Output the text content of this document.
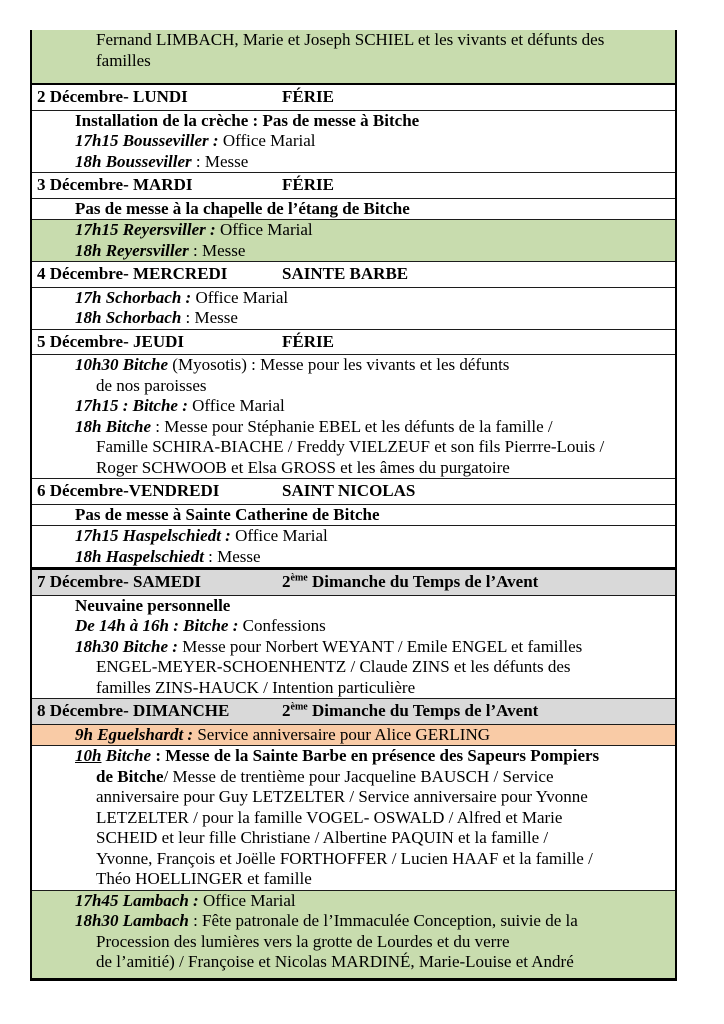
Fernand LIMBACH, Marie et Joseph SCHIEL et les vivants et défunts des
familles
2 Décembre- LUNDI	FÉRIE
Installation de la crèche : Pas de messe à Bitche
17h15 Bousseviller : Office Marial
18h Bousseviller : Messe
3 Décembre- MARDI	FÉRIE
Pas de messe à la chapelle de l’étang de Bitche
17h15 Reyersviller : Office Marial
18h Reyersviller : Messe
4 Décembre- MERCREDI	SAINTE BARBE
17h Schorbach : Office Marial
18h Schorbach : Messe
5 Décembre- JEUDI	FÉRIE
10h30 Bitche (Myosotis) : Messe pour les vivants et les défunts
de nos paroisses
17h15 : Bitche : Office Marial
18h Bitche : Messe pour Stéphanie EBEL et les défunts de la famille /
Famille SCHIRA-BIACHE / Freddy VIELZEUF et son fils Pierrre-Louis /
Roger SCHWOOB et Elsa GROSS et les âmes du purgatoire
6 Décembre-VENDREDI	SAINT NICOLAS
Pas de messe à Sainte Catherine de Bitche
17h15 Haspelschiedt : Office Marial
18h Haspelschiedt : Messe
7 Décembre- SAMEDI	2ème Dimanche du Temps de l’Avent
Neuvaine personnelle
De 14h à 16h : Bitche : Confessions
18h30 Bitche : Messe pour Norbert WEYANT / Emile ENGEL et familles
ENGEL-MEYER-SCHOENHENTZ / Claude ZINS et les défunts des
familles ZINS-HAUCK / Intention particulière
8 Décembre- DIMANCHE	2ème Dimanche du Temps de l’Avent
9h Eguelshardt : Service anniversaire pour Alice GERLING
10h Bitche : Messe de la Sainte Barbe en présence des Sapeurs Pompiers
de Bitche/ Messe de trentième pour Jacqueline BAUSCH / Service
anniversaire pour Guy LETZELTER / Service anniversaire pour Yvonne
LETZELTER / pour la famille VOGEL- OSWALD / Alfred et Marie
SCHEID et leur fille Christiane / Albertine PAQUIN et la famille /
Yvonne, François et Joëlle FORTHOFFER / Lucien HAAF et la famille /
Théo HOELLINGER et famille
17h45 Lambach : Office Marial
18h30 Lambach : Fête patronale de l’Immaculée Conception, suivie de la
Procession des lumières vers la grotte de Lourdes et du verre
de l’amitié) / Françoise et Nicolas MARDINÉ, Marie-Louise et André
